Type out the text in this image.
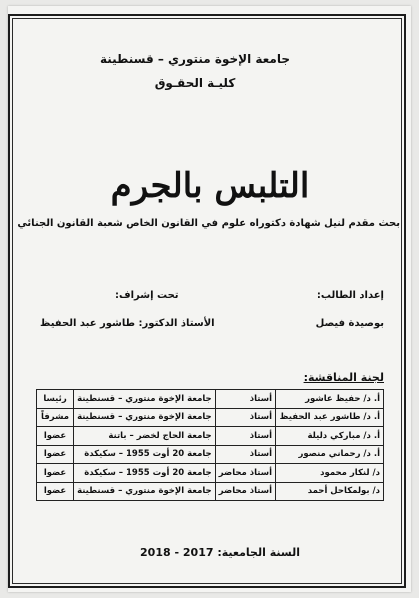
جامعة الإخوة منتوري – قسنطينة
كليـة الحقـوق
التلبس بالجرم
بحث مقدم لنيل شهادة دكتوراه علوم في القانون الخاص شعبة القانون الجنائي
إعداد الطالب:
بوصيدة فيصل
تحت إشراف:
الأستاذ الدكتور: طاشور عبد الحفيظ
لجنة المناقشة:
أ. د/ حفيظ عاشور	أستاذ	جامعة الإخوة منتوري – قسنطينة	رئيسا
أ. د/ طاشور عبد الحفيظ	أستاذ	جامعة الإخوة منتوري – قسنطينة	مشرفاً
أ. د/ مباركي دليلة	أستاذ	جامعة الحاج لخضر – باتنة	عضوا
أ. د/ رحماني منصور	أستاذ	جامعة 20 أوت 1955 – سكيكدة	عضوا
د/ لنكار محمود	أستاذ محاضر	جامعة 20 أوت 1955 – سكيكدة	عضوا
د/ بولمكاحل أحمد	أستاذ محاضر	جامعة الإخوة منتوري – قسنطينة	عضوا
السنة الجامعية: 2017 - 2018
